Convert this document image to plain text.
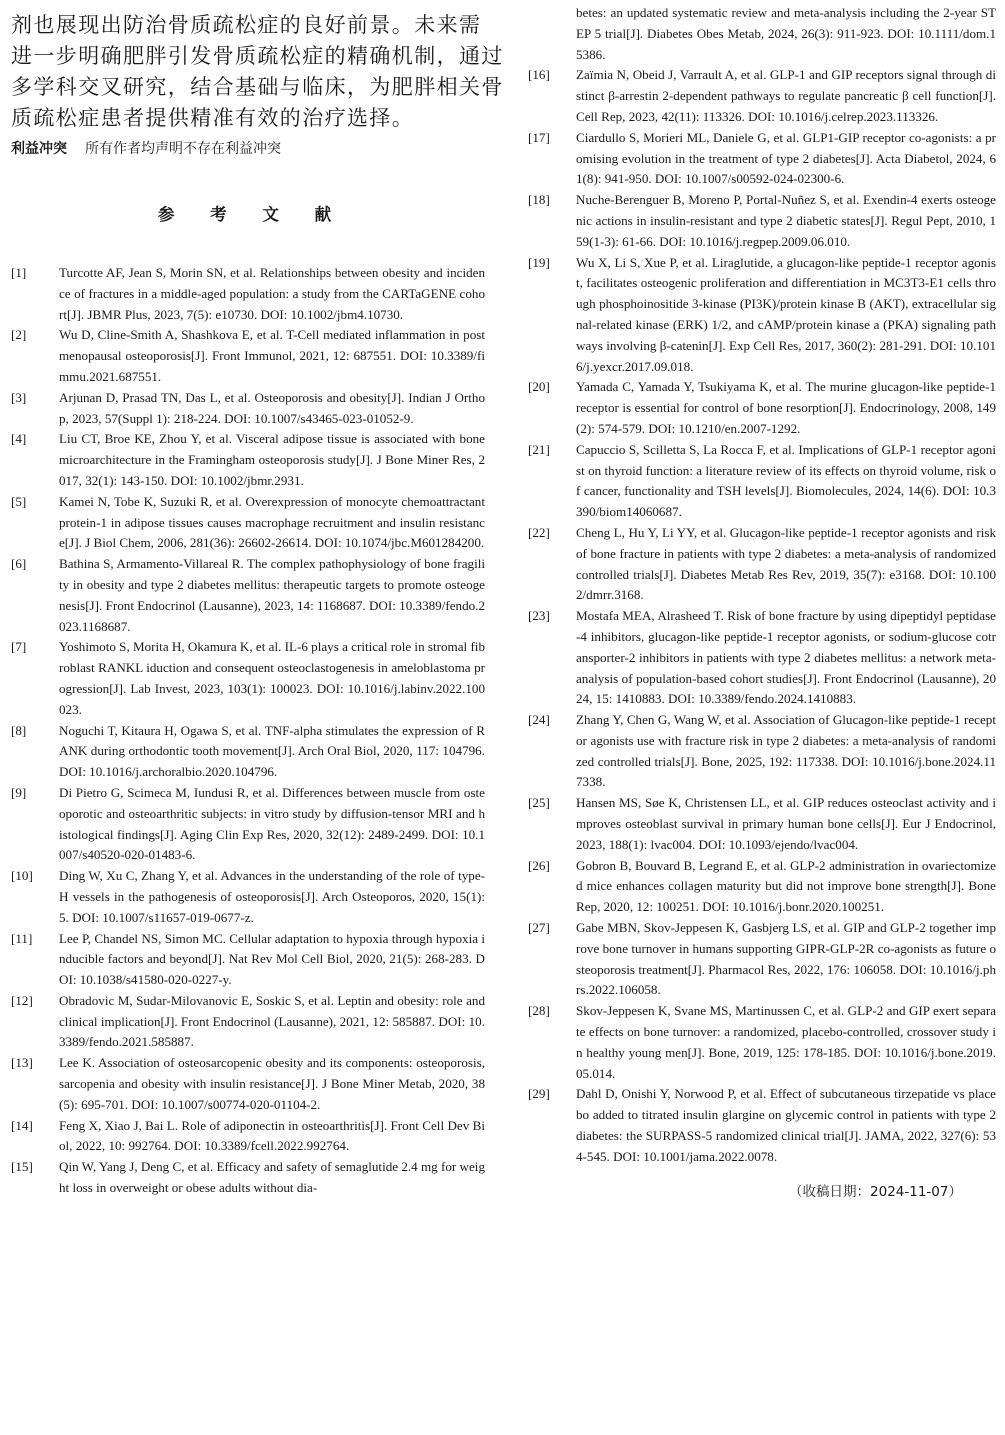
剂也展现出防治骨质疏松症的良好前景。未来需
进一步明确肥胖引发骨质疏松症的精确机制，通过
多学科交叉研究，结合基础与临床，为肥胖相关骨
质疏松症患者提供精准有效的治疗选择。
利益冲突 所有作者均声明不存在利益冲突
参 考 文 献
[1]	Turcotte AF, Jean S, Morin SN, et al. Relationships between obesity and incidence of fractures in a middle-aged population: a study from the CARTaGENE cohort[J]. JBMR Plus, 2023, 7(5): e10730. DOI: 10.1002/jbm4.10730.
[2]	Wu D, Cline-Smith A, Shashkova E, et al. T-Cell mediated inflammation in postmenopausal osteoporosis[J]. Front Immunol, 2021, 12: 687551. DOI: 10.3389/fimmu.2021.687551.
[3]	Arjunan D, Prasad TN, Das L, et al. Osteoporosis and obesity[J]. Indian J Orthop, 2023, 57(Suppl 1): 218-224. DOI: 10.1007/s43465-023-01052-9.
[4]	Liu CT, Broe KE, Zhou Y, et al. Visceral adipose tissue is associated with bone microarchitecture in the Framingham osteoporosis study[J]. J Bone Miner Res, 2017, 32(1): 143-150. DOI: 10.1002/jbmr.2931.
[5]	Kamei N, Tobe K, Suzuki R, et al. Overexpression of monocyte chemoattractant protein-1 in adipose tissues causes macrophage recruitment and insulin resistance[J]. J Biol Chem, 2006, 281(36): 26602-26614. DOI: 10.1074/jbc.M601284200.
[6]	Bathina S, Armamento-Villareal R. The complex pathophysiology of bone fragility in obesity and type 2 diabetes mellitus: therapeutic targets to promote osteogenesis[J]. Front Endocrinol (Lausanne), 2023, 14: 1168687. DOI: 10.3389/fendo.2023.1168687.
[7]	Yoshimoto S, Morita H, Okamura K, et al. IL-6 plays a critical role in stromal fibroblast RANKL iduction and consequent osteoclastogenesis in ameloblastoma progression[J]. Lab Invest, 2023, 103(1): 100023. DOI: 10.1016/j.labinv.2022.100023.
[8]	Noguchi T, Kitaura H, Ogawa S, et al. TNF-alpha stimulates the expression of RANK during orthodontic tooth movement[J]. Arch Oral Biol, 2020, 117: 104796. DOI: 10.1016/j.archoralbio.2020.104796.
[9]	Di Pietro G, Scimeca M, Iundusi R, et al. Differences between muscle from osteoporotic and osteoarthritic subjects: in vitro study by diffusion-tensor MRI and histological findings[J]. Aging Clin Exp Res, 2020, 32(12): 2489-2499. DOI: 10.1007/s40520-020-01483-6.
[10]	Ding W, Xu C, Zhang Y, et al. Advances in the understanding of the role of type-H vessels in the pathogenesis of osteoporosis[J]. Arch Osteoporos, 2020, 15(1): 5. DOI: 10.1007/s11657-019-0677-z.
[11]	Lee P, Chandel NS, Simon MC. Cellular adaptation to hypoxia through hypoxia inducible factors and beyond[J]. Nat Rev Mol Cell Biol, 2020, 21(5): 268-283. DOI: 10.1038/s41580-020-0227-y.
[12]	Obradovic M, Sudar-Milovanovic E, Soskic S, et al. Leptin and obesity: role and clinical implication[J]. Front Endocrinol (Lausanne), 2021, 12: 585887. DOI: 10.3389/fendo.2021.585887.
[13]	Lee K. Association of osteosarcopenic obesity and its components: osteoporosis, sarcopenia and obesity with insulin resistance[J]. J Bone Miner Metab, 2020, 38(5): 695-701. DOI: 10.1007/s00774-020-01104-2.
[14]	Feng X, Xiao J, Bai L. Role of adiponectin in osteoarthritis[J]. Front Cell Dev Biol, 2022, 10: 992764. DOI: 10.3389/fcell.2022.992764.
[15]	Qin W, Yang J, Deng C, et al. Efficacy and safety of semaglutide 2.4 mg for weight loss in overweight or obese adults without dia-
betes: an updated systematic review and meta-analysis including the 2-year STEP 5 trial[J]. Diabetes Obes Metab, 2024, 26(3): 911-923. DOI: 10.1111/dom.15386.
[16]	Zaïmia N, Obeid J, Varrault A, et al. GLP-1 and GIP receptors signal through distinct β-arrestin 2-dependent pathways to regulate pancreatic β cell function[J]. Cell Rep, 2023, 42(11): 113326. DOI: 10.1016/j.celrep.2023.113326.
[17]	Ciardullo S, Morieri ML, Daniele G, et al. GLP1-GIP receptor co-agonists: a promising evolution in the treatment of type 2 diabetes[J]. Acta Diabetol, 2024, 61(8): 941-950. DOI: 10.1007/s00592-024-02300-6.
[18]	Nuche-Berenguer B, Moreno P, Portal-Nuñez S, et al. Exendin-4 exerts osteogenic actions in insulin-resistant and type 2 diabetic states[J]. Regul Pept, 2010, 159(1-3): 61-66. DOI: 10.1016/j.regpep.2009.06.010.
[19]	Wu X, Li S, Xue P, et al. Liraglutide, a glucagon-like peptide-1 receptor agonist, facilitates osteogenic proliferation and differentiation in MC3T3-E1 cells through phosphoinositide 3-kinase (PI3K)/protein kinase B (AKT), extracellular signal-related kinase (ERK) 1/2, and cAMP/protein kinase a (PKA) signaling pathways involving β-catenin[J]. Exp Cell Res, 2017, 360(2): 281-291. DOI: 10.1016/j.yexcr.2017.09.018.
[20]	Yamada C, Yamada Y, Tsukiyama K, et al. The murine glucagon-like peptide-1 receptor is essential for control of bone resorption[J]. Endocrinology, 2008, 149(2): 574-579. DOI: 10.1210/en.2007-1292.
[21]	Capuccio S, Scilletta S, La Rocca F, et al. Implications of GLP-1 receptor agonist on thyroid function: a literature review of its effects on thyroid volume, risk of cancer, functionality and TSH levels[J]. Biomolecules, 2024, 14(6). DOI: 10.3390/biom14060687.
[22]	Cheng L, Hu Y, Li YY, et al. Glucagon-like peptide-1 receptor agonists and risk of bone fracture in patients with type 2 diabetes: a meta-analysis of randomized controlled trials[J]. Diabetes Metab Res Rev, 2019, 35(7): e3168. DOI: 10.1002/dmrr.3168.
[23]	Mostafa MEA, Alrasheed T. Risk of bone fracture by using dipeptidyl peptidase-4 inhibitors, glucagon-like peptide-1 receptor agonists, or sodium-glucose cotransporter-2 inhibitors in patients with type 2 diabetes mellitus: a network meta-analysis of population-based cohort studies[J]. Front Endocrinol (Lausanne), 2024, 15: 1410883. DOI: 10.3389/fendo.2024.1410883.
[24]	Zhang Y, Chen G, Wang W, et al. Association of Glucagon-like peptide-1 receptor agonists use with fracture risk in type 2 diabetes: a meta-analysis of randomized controlled trials[J]. Bone, 2025, 192: 117338. DOI: 10.1016/j.bone.2024.117338.
[25]	Hansen MS, Søe K, Christensen LL, et al. GIP reduces osteoclast activity and improves osteoblast survival in primary human bone cells[J]. Eur J Endocrinol, 2023, 188(1): lvac004. DOI: 10.1093/ejendo/lvac004.
[26]	Gobron B, Bouvard B, Legrand E, et al. GLP-2 administration in ovariectomized mice enhances collagen maturity but did not improve bone strength[J]. Bone Rep, 2020, 12: 100251. DOI: 10.1016/j.bonr.2020.100251.
[27]	Gabe MBN, Skov-Jeppesen K, Gasbjerg LS, et al. GIP and GLP-2 together improve bone turnover in humans supporting GIPR-GLP-2R co-agonists as future osteoporosis treatment[J]. Pharmacol Res, 2022, 176: 106058. DOI: 10.1016/j.phrs.2022.106058.
[28]	Skov-Jeppesen K, Svane MS, Martinussen C, et al. GLP-2 and GIP exert separate effects on bone turnover: a randomized, placebo-controlled, crossover study in healthy young men[J]. Bone, 2019, 125: 178-185. DOI: 10.1016/j.bone.2019.05.014.
[29]	Dahl D, Onishi Y, Norwood P, et al. Effect of subcutaneous tirzepatide vs placebo added to titrated insulin glargine on glycemic control in patients with type 2 diabetes: the SURPASS-5 randomized clinical trial[J]. JAMA, 2022, 327(6): 534-545. DOI: 10.1001/jama.2022.0078.
（收稿日期：2024-11-07）
